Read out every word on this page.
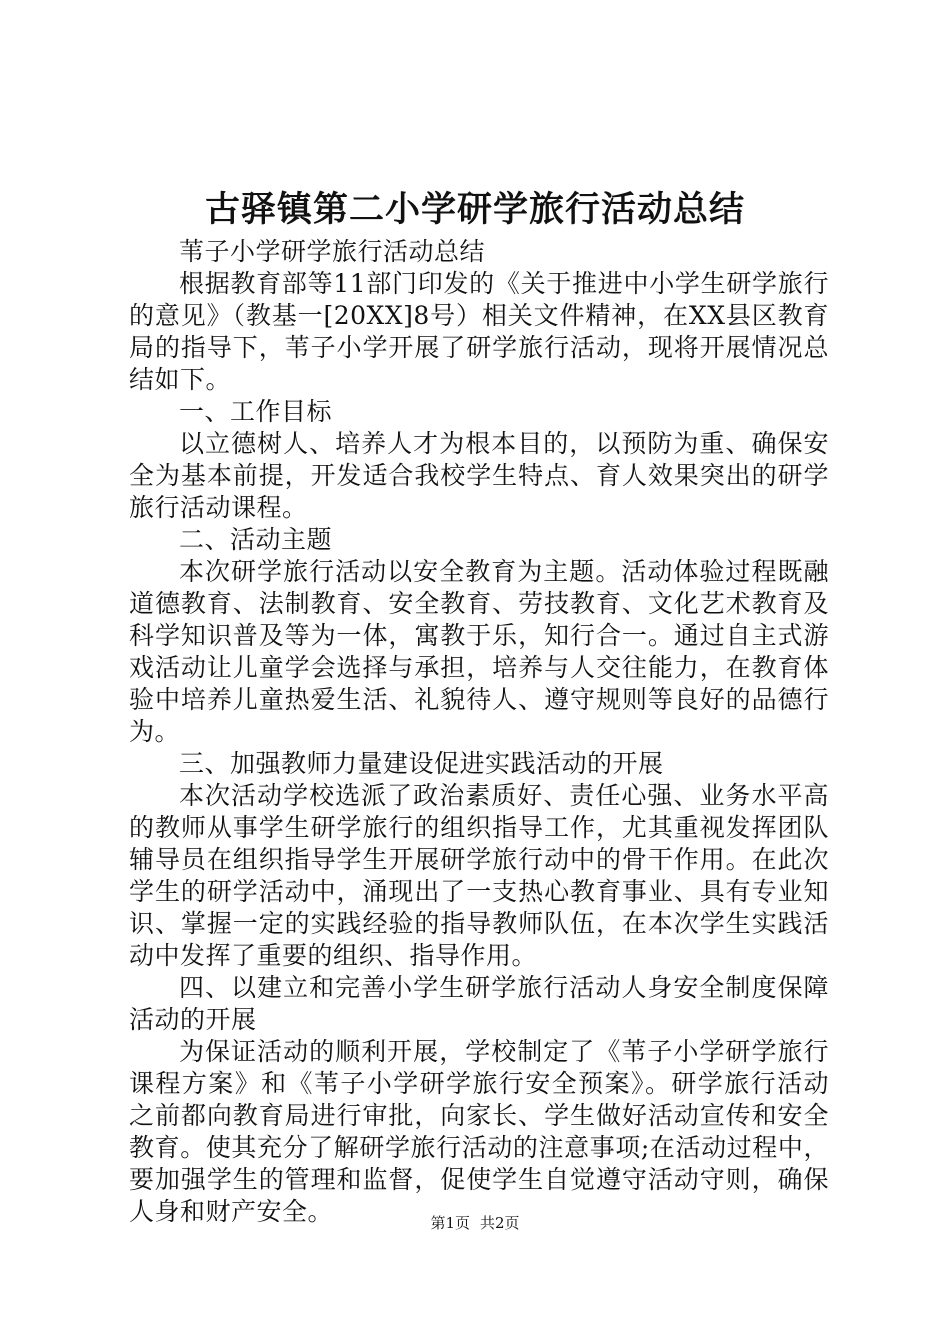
古驿镇第二小学研学旅行活动总结

苇子小学研学旅行活动总结

根据教育部等11部门印发的《关于推进中小学生研学旅行的意见》（教基一[20XX]8号）相关文件精神，在XX县区教育局的指导下，苇子小学开展了研学旅行活动，现将开展情况总结如下。

一、工作目标

以立德树人、培养人才为根本目的，以预防为重、确保安全为基本前提，开发适合我校学生特点、育人效果突出的研学旅行活动课程。

二、活动主题

本次研学旅行活动以安全教育为主题。活动体验过程既融道德教育、法制教育、安全教育、劳技教育、文化艺术教育及科学知识普及等为一体，寓教于乐，知行合一。通过自主式游戏活动让儿童学会选择与承担，培养与人交往能力，在教育体验中培养儿童热爱生活、礼貌待人、遵守规则等良好的品德行为。

三、加强教师力量建设促进实践活动的开展

本次活动学校选派了政治素质好、责任心强、业务水平高的教师从事学生研学旅行的组织指导工作，尤其重视发挥团队辅导员在组织指导学生开展研学旅行动中的骨干作用。在此次学生的研学活动中，涌现出了一支热心教育事业、具有专业知识、掌握一定的实践经验的指导教师队伍，在本次学生实践活动中发挥了重要的组织、指导作用。

四、以建立和完善小学生研学旅行活动人身安全制度保障活动的开展

为保证活动的顺利开展，学校制定了《苇子小学研学旅行课程方案》和《苇子小学研学旅行安全预案》。研学旅行活动之前都向教育局进行审批，向家长、学生做好活动宣传和安全教育。使其充分了解研学旅行活动的注意事项;在活动过程中，要加强学生的管理和监督，促使学生自觉遵守活动守则，确保人身和财产安全。	第1页 共2页
